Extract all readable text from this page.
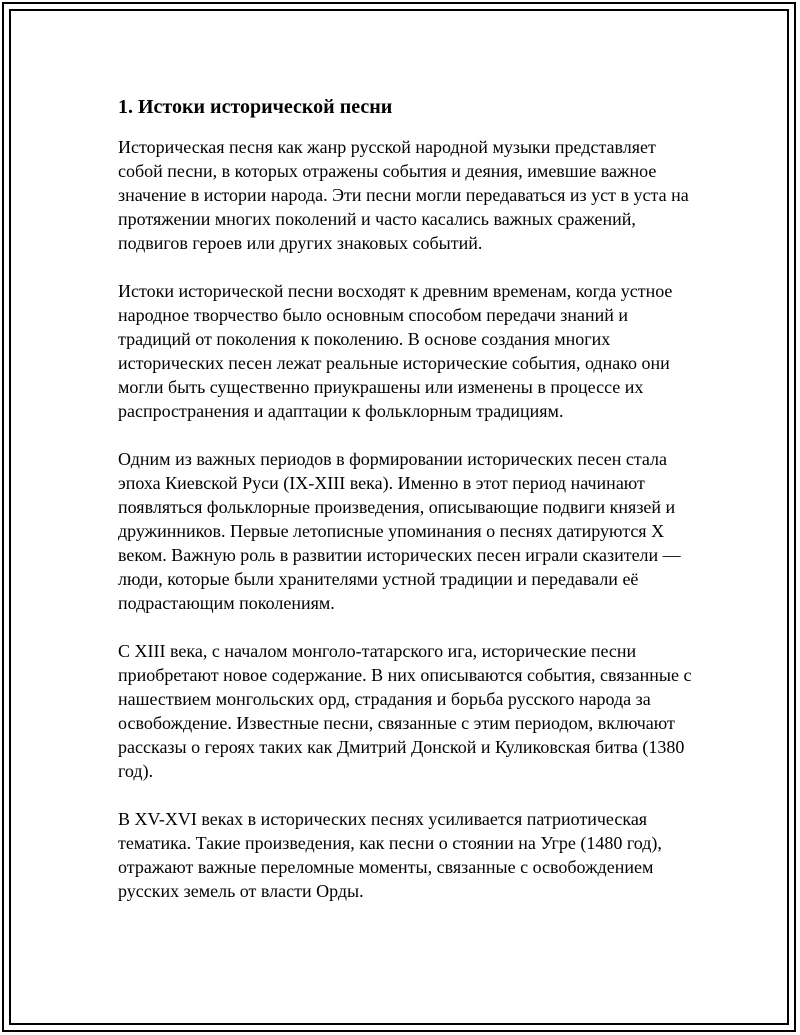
1. Истоки исторической песни

Историческая песня как жанр русской народной музыки представляет собой песни, в которых отражены события и деяния, имевшие важное значение в истории народа. Эти песни могли передаваться из уст в уста на протяжении многих поколений и часто касались важных сражений, подвигов героев или других знаковых событий.

Истоки исторической песни восходят к древним временам, когда устное народное творчество было основным способом передачи знаний и традиций от поколения к поколению. В основе создания многих исторических песен лежат реальные исторические события, однако они могли быть существенно приукрашены или изменены в процессе их распространения и адаптации к фольклорным традициям.

Одним из важных периодов в формировании исторических песен стала эпоха Киевской Руси (IX-XIII века). Именно в этот период начинают появляться фольклорные произведения, описывающие подвиги князей и дружинников. Первые летописные упоминания о песнях датируются X веком. Важную роль в развитии исторических песен играли сказители — люди, которые были хранителями устной традиции и передавали её подрастающим поколениям.

С XIII века, с началом монголо-татарского ига, исторические песни приобретают новое содержание. В них описываются события, связанные с нашествием монгольских орд, страдания и борьба русского народа за освобождение. Известные песни, связанные с этим периодом, включают рассказы о героях таких как Дмитрий Донской и Куликовская битва (1380 год).

В XV-XVI веках в исторических песнях усиливается патриотическая тематика. Такие произведения, как песни о стоянии на Угре (1480 год), отражают важные переломные моменты, связанные с освобождением русских земель от власти Орды.
